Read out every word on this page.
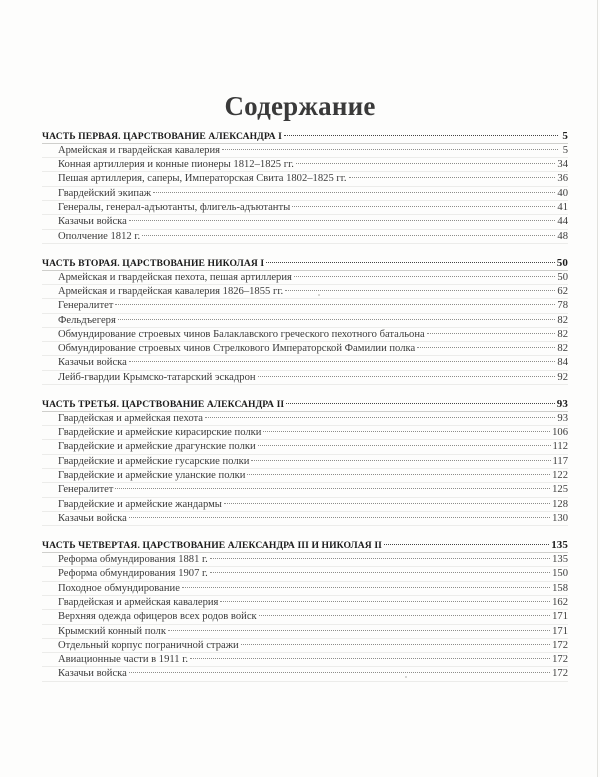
Содержание
ЧАСТЬ ПЕРВАЯ. ЦАРСТВОВАНИЕ АЛЕКСАНДРА I	5
Армейская и гвардейская кавалерия	5
Конная артиллерия и конные пионеры 1812–1825 гг.	34
Пешая артиллерия, саперы, Императорская Свита 1802–1825 гг.	36
Гвардейский экипаж	40
Генералы, генерал-адъютанты, флигель-адъютанты	41
Казачьи войска	44
Ополчение 1812 г.	48
ЧАСТЬ ВТОРАЯ. ЦАРСТВОВАНИЕ НИКОЛАЯ I	50
Армейская и гвардейская пехота, пешая артиллерия	50
Армейская и гвардейская кавалерия 1826–1855 гг.	62
Генералитет	78
Фельдъегеря	82
Обмундирование строевых чинов Балаклавского греческого пехотного батальона	82
Обмундирование строевых чинов Стрелкового Императорской Фамилии полка	82
Казачьи войска	84
Лейб-гвардии Крымско-татарский эскадрон	92
ЧАСТЬ ТРЕТЬЯ. ЦАРСТВОВАНИЕ АЛЕКСАНДРА II	93
Гвардейская и армейская пехота	93
Гвардейские и армейские кирасирские полки	106
Гвардейские и армейские драгунские полки	112
Гвардейские и армейские гусарские полки	117
Гвардейские и армейские уланские полки	122
Генералитет	125
Гвардейские и армейские жандармы	128
Казачьи войска	130
ЧАСТЬ ЧЕТВЕРТАЯ. ЦАРСТВОВАНИЕ АЛЕКСАНДРА III И НИКОЛАЯ II	135
Реформа обмундирования 1881 г.	135
Реформа обмундирования 1907 г.	150
Походное обмундирование	158
Гвардейская и армейская кавалерия	162
Верхняя одежда офицеров всех родов войск	171
Крымский конный полк	171
Отдельный корпус пограничной стражи	172
Авиационные части в 1911 г.	172
Казачьи войска	172
